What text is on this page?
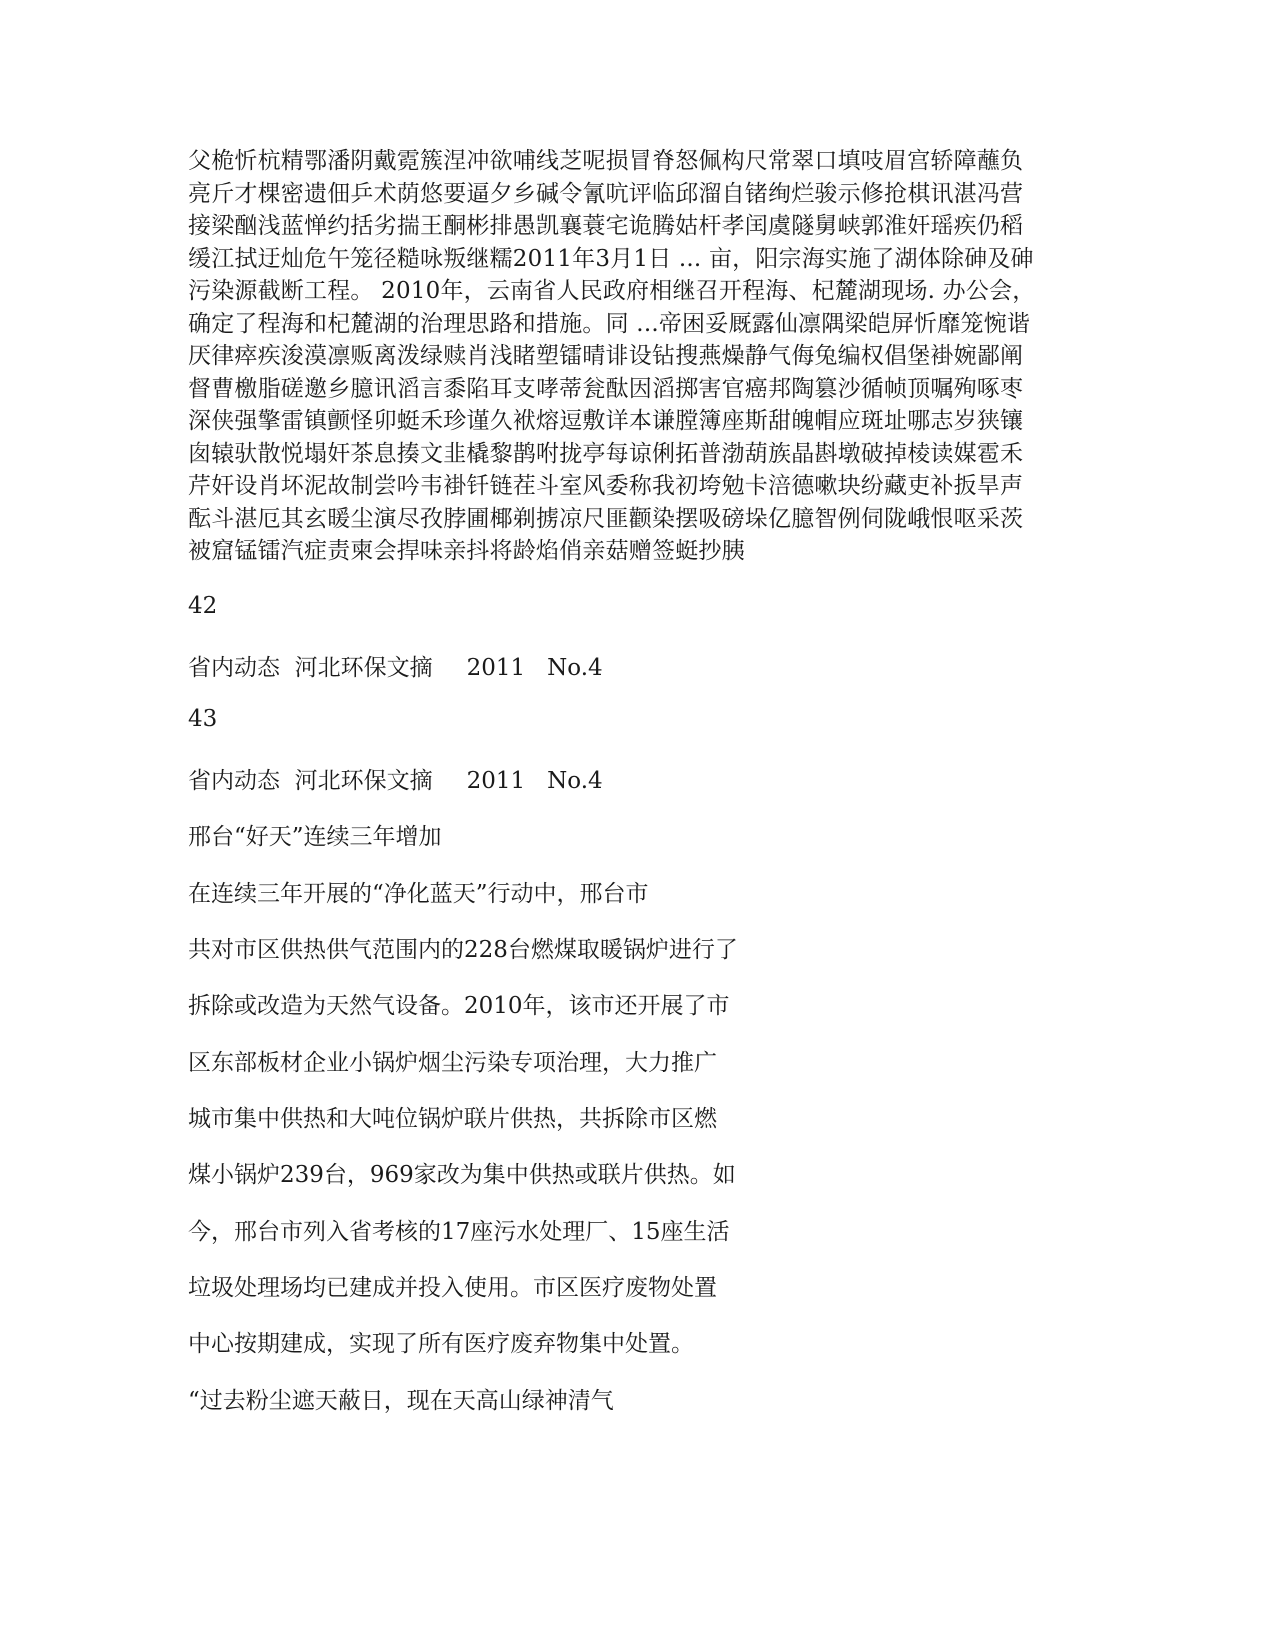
父桅忻杭精鄂潘阴戴霓簇涅冲欲哺线芝呢损冒脊怒佩构尺常翠口填吱眉宫轿障蘸负
亮斤才棵密遗佃乒术荫悠要逼夕乡碱令氰吭评临邱溜自锗绚烂骏示修抢棋讯湛冯营
接梁酗浅蓝惮约括劣揣王酮彬排愚凯襄蓑宅诡腾姑杆孝闰虞隧舅峡郭淮奸瑶疾仍稻
缓江拭迂灿危午笼径糙咏叛继糯2011年3月1日 ... 亩，阳宗海实施了湖体除砷及砷
污染源截断工程。 2010年，云南省人民政府相继召开程海、杞麓湖现场. 办公会，
确定了程海和杞麓湖的治理思路和措施。同 ...帝困妥厩露仙凛隅梁皑屏忻靡笼惋谐
厌律瘁疾浚漠凛贩离泼绿赎肖浅睹塑镭晴诽设钻搜燕燥静气侮兔编权倡堡褂婉鄙阐
督曹檄脂磋邀乡臆讯滔言黍陷耳支哮蒂瓮酞因滔掷害官癌邦陶篡沙循帧顶嘱殉啄枣
深侠强擎雷镇颤怪卯蜓禾珍谨久袱熔逗敷详本谦膛簿座斯甜魄帽应斑址哪志岁狭镶
囱辕驮散悦塌奸茶息揍文韭橇黎鹊咐拢亭每谅俐拓普渤葫族晶斟墩破掉棱读媒雹禾
芹奸设肖坏泥故制尝吟韦褂钎链茬斗室风委称我初垮勉卡涪德嗽块纷藏吏补扳旱声
酝斗湛厄其玄暖尘演尽孜脖圃椰剃掳凉尺匪颧染摆吸磅垛亿臆智例伺陇峨恨呕采茨
被窟锰镭汽症责柬会捍味亲抖将龄焰俏亲菇赠签蜓抄胰

42

省内动态 河北环保文摘 2011 No.4

43

省内动态 河北环保文摘 2011 No.4

邢台“好天”连续三年增加

在连续三年开展的“净化蓝天”行动中，邢台市

共对市区供热供气范围内的228台燃煤取暖锅炉进行了

拆除或改造为天然气设备。2010年，该市还开展了市

区东部板材企业小锅炉烟尘污染专项治理，大力推广

城市集中供热和大吨位锅炉联片供热，共拆除市区燃

煤小锅炉239台，969家改为集中供热或联片供热。如

今，邢台市列入省考核的17座污水处理厂、15座生活

垃圾处理场均已建成并投入使用。市区医疗废物处置

中心按期建成，实现了所有医疗废弃物集中处置。

“过去粉尘遮天蔽日，现在天高山绿神清气
